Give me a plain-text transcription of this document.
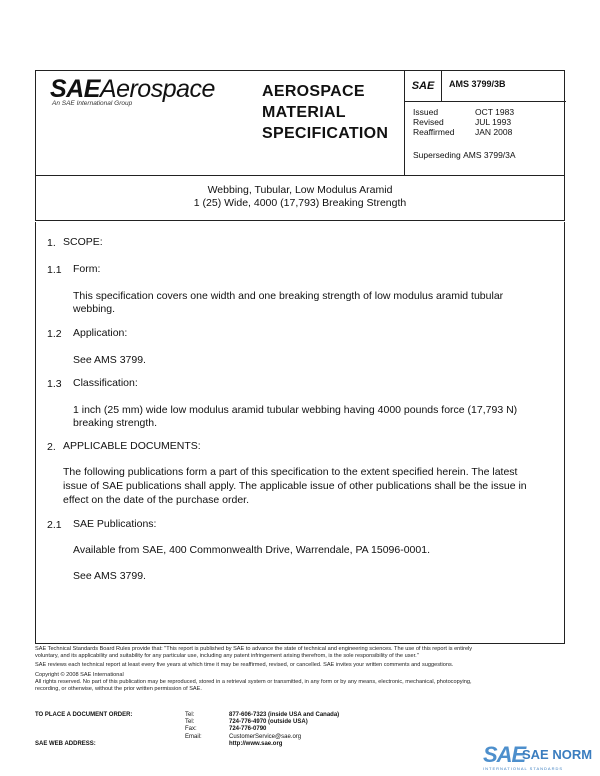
SAEAerospace
An SAE International Group
AEROSPACE
MATERIAL
SPECIFICATION
SAE	AMS 3799/3B
Issued	OCT 1983
Revised	JUL 1993
Reaffirmed JAN 2008
Superseding AMS 3799/3A
Webbing, Tubular, Low Modulus Aramid
1 (25) Wide, 4000 (17,793) Breaking Strength
1. SCOPE:
1.1 Form:
This specification covers one width and one breaking strength of low modulus aramid tubular
webbing.
1.2 Application:
See AMS 3799.
1.3 Classification:
1 inch (25 mm) wide low modulus aramid tubular webbing having 4000 pounds force (17,793 N)
breaking strength.
2. APPLICABLE DOCUMENTS:
The following publications form a part of this specification to the extent specified herein. The latest
issue of SAE publications shall apply. The applicable issue of other publications shall be the issue in
effect on the date of the purchase order.
2.1 SAE Publications:
Available from SAE, 400 Commonwealth Drive, Warrendale, PA 15096-0001.
See AMS 3799.
SAE Technical Standards Board Rules provide that: "This report is published by SAE to advance the state of technical and engineering sciences. The use of this report is entirely
voluntary, and its applicability and suitability for any particular use, including any patent infringement arising therefrom, is the sole responsibility of the user."
SAE reviews each technical report at least every five years at which time it may be reaffirmed, revised, or cancelled. SAE invites your written comments and suggestions.
Copyright © 2008 SAE International
All rights reserved. No part of this publication may be reproduced, stored in a retrieval system or transmitted, in any form or by any means, electronic, mechanical, photocopying,
recording, or otherwise, without the prior written permission of SAE.
TO PLACE A DOCUMENT ORDER:	Tel:	877-606-7323 (inside USA and Canada)
Tel:	724-776-4970 (outside USA)
Fax:	724-776-0790
Email:	CustomerService@sae.org
SAE WEB ADDRESS:	http://www.sae.org	SAE
SAE NORM
INTERNATIONAL STANDARDS
